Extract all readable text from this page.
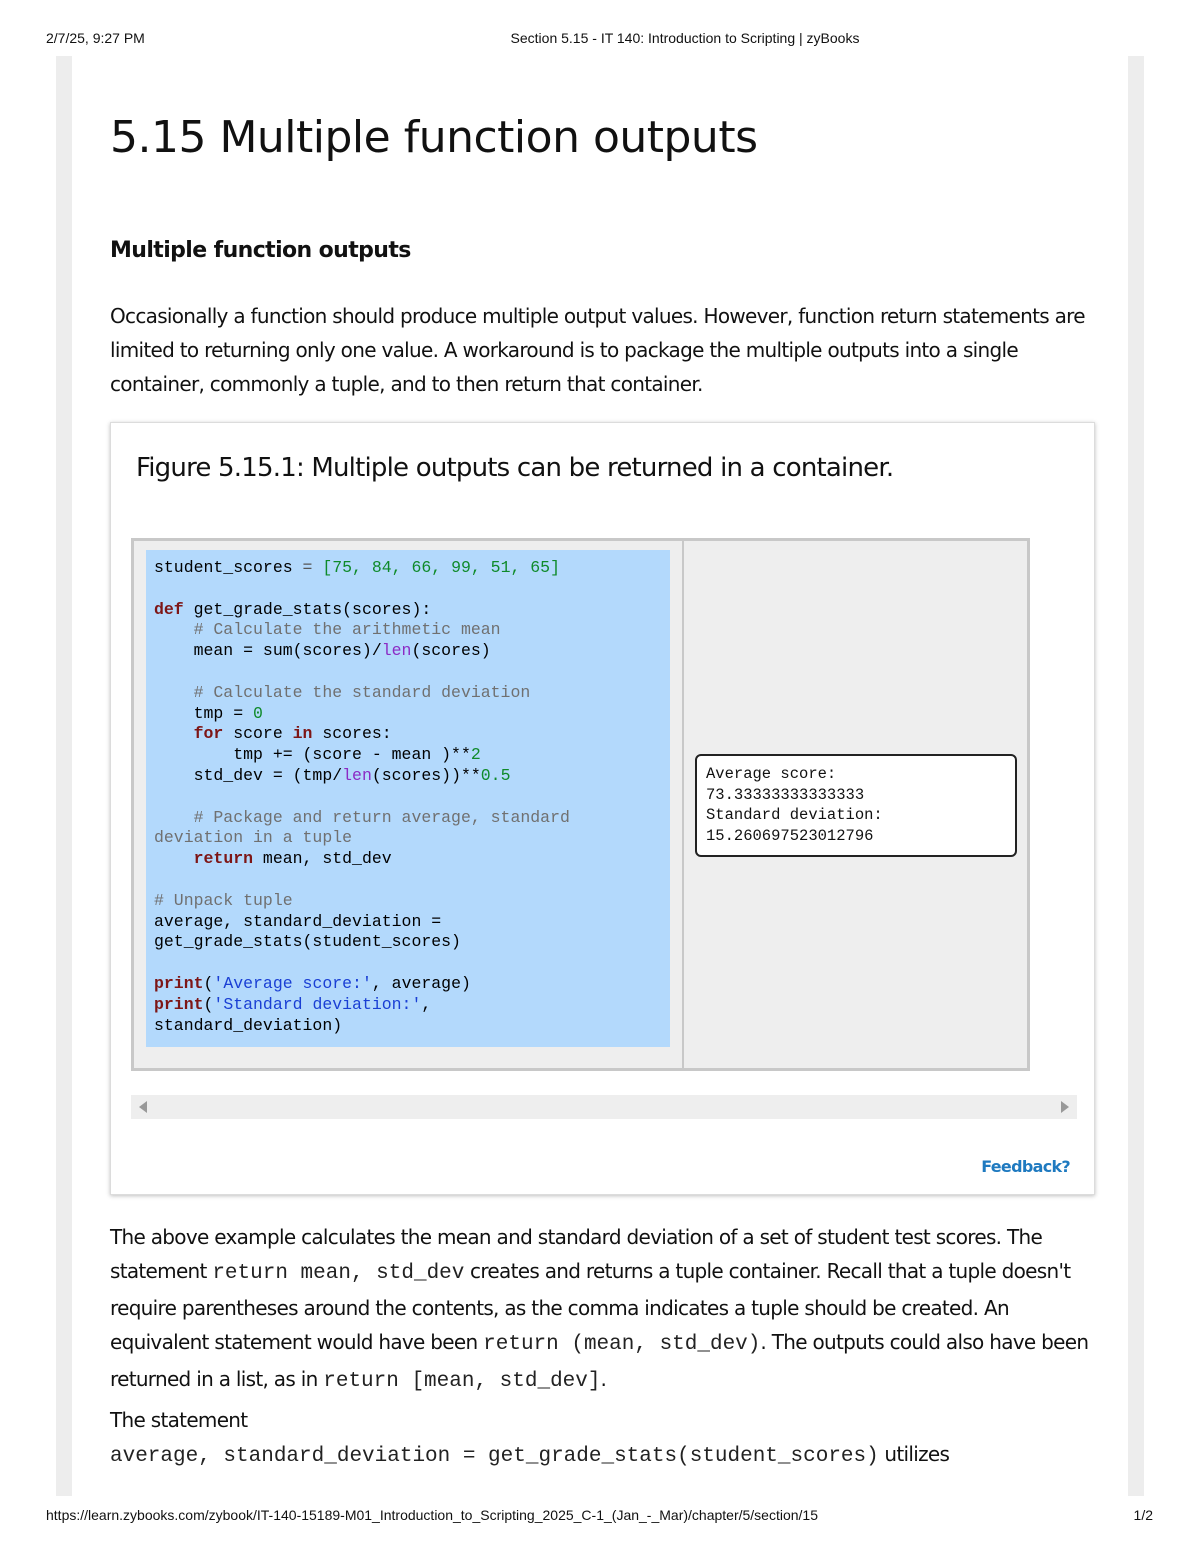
2/7/25, 9:27 PM	Section 5.15 - IT 140: Introduction to Scripting | zyBooks
5.15 Multiple function outputs
Multiple function outputs

Occasionally a function should produce multiple output values. However, function return statements are limited to returning only one value. A workaround is to package the multiple outputs into a single container, commonly a tuple, and to then return that container.

The above example calculates the mean and standard deviation of a set of student test scores. The statement return mean, std_dev creates and returns a tuple container. Recall that a tuple doesn't require parentheses around the contents, as the comma indicates a tuple should be created. An equivalent statement would have been return (mean, std_dev). The outputs could also have been returned in a list, as in return [mean, std_dev].

The statement
average, standard_deviation = get_grade_stats(student_scores) utilizes

Figure 5.15.1: Multiple outputs can be returned in a container.
student_scores = [75, 84, 66, 99, 51, 65]

def get_grade_stats(scores):
# Calculate the arithmetic mean
mean = sum(scores)/len(scores)

# Calculate the standard deviation
tmp = 0
for score in scores:
tmp += (score - mean )**2
std_dev = (tmp/len(scores))**0.5

# Package and return average, standard
deviation in a tuple
return mean, std_dev

# Unpack tuple
average, standard_deviation =
get_grade_stats(student_scores)

print('Average score:', average)
print('Standard deviation:',
standard_deviation)
Average score:
73.33333333333333
Standard deviation:
15.260697523012796
Feedback?
https://learn.zybooks.com/zybook/IT-140-15189-M01_Introduction_to_Scripting_2025_C-1_(Jan_-_Mar)/chapter/5/section/15	1/2
